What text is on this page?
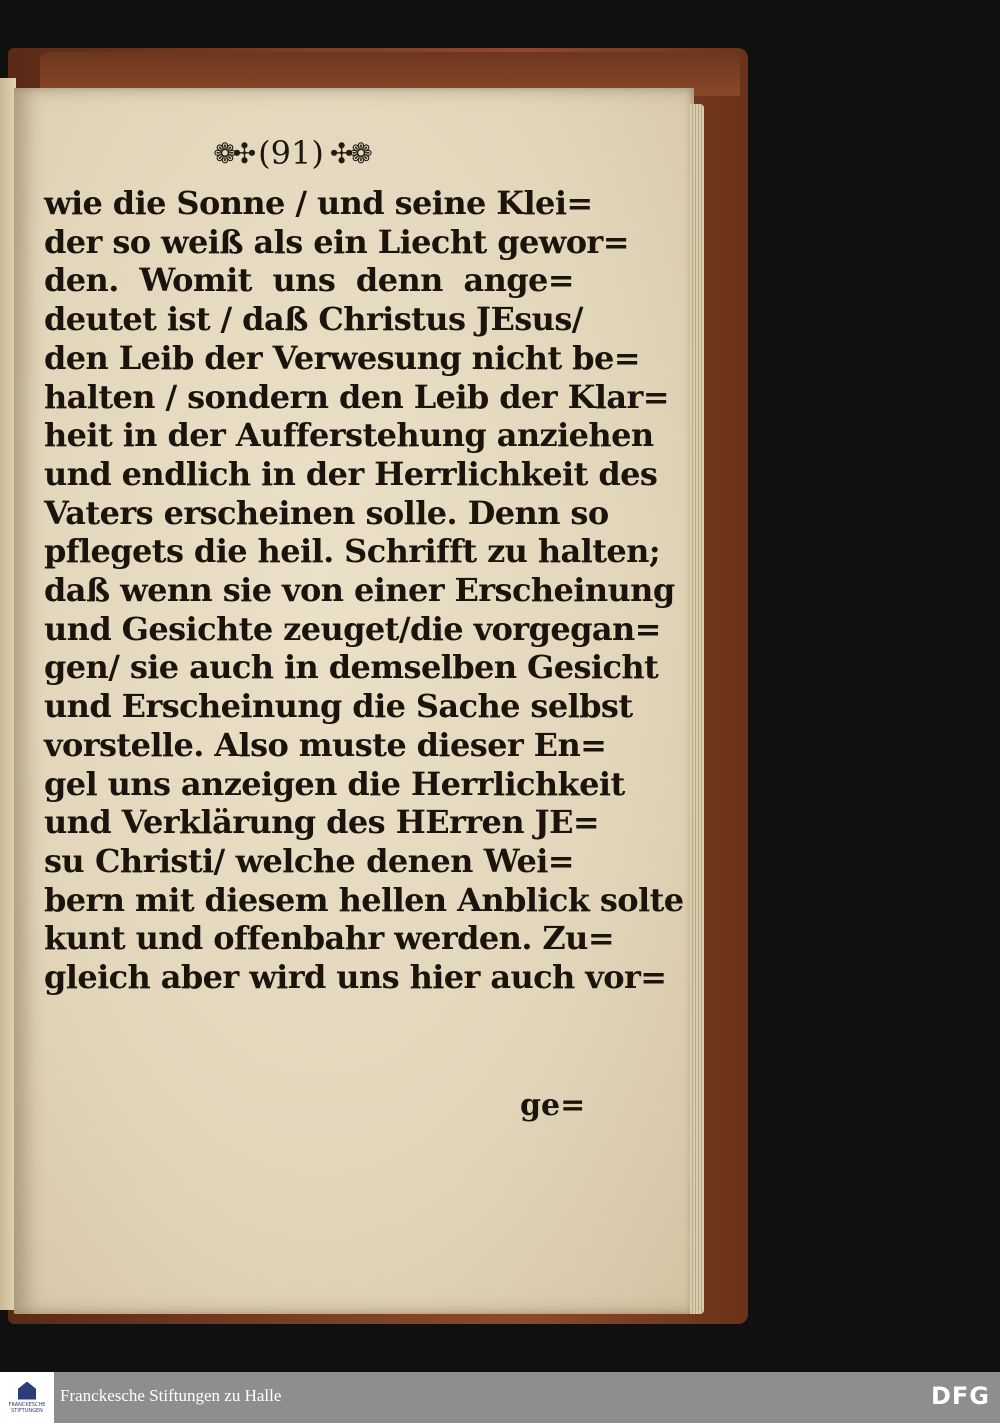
❁✣ (91) ✣❁
wie die Sonne / und seine Klei=
der so weiß als ein Liecht gewor=
den. Womit uns denn ange=
deutet ist / daß Christus JEsus/
den Leib der Verwesung nicht be=
halten / sondern den Leib der Klar=
heit in der Aufferstehung anziehen
und endlich in der Herrlichkeit des
Vaters erscheinen solle. Denn so
pflegets die heil. Schrifft zu halten;
daß wenn sie von einer Erscheinung
und Gesichte zeuget/die vorgegan=
gen/ sie auch in demselben Gesicht
und Erscheinung die Sache selbst
vorstelle. Also muste dieser En=
gel uns anzeigen die Herrlichkeit
und Verklärung des HErren JE=
su Christi/ welche denen Wei=
bern mit diesem hellen Anblick solte
kunt und offenbahr werden. Zu=
gleich aber wird uns hier auch vor=
ge=
FRANCKESCHE
STIFTUNGEN
Franckesche Stiftungen zu Halle	DFG
